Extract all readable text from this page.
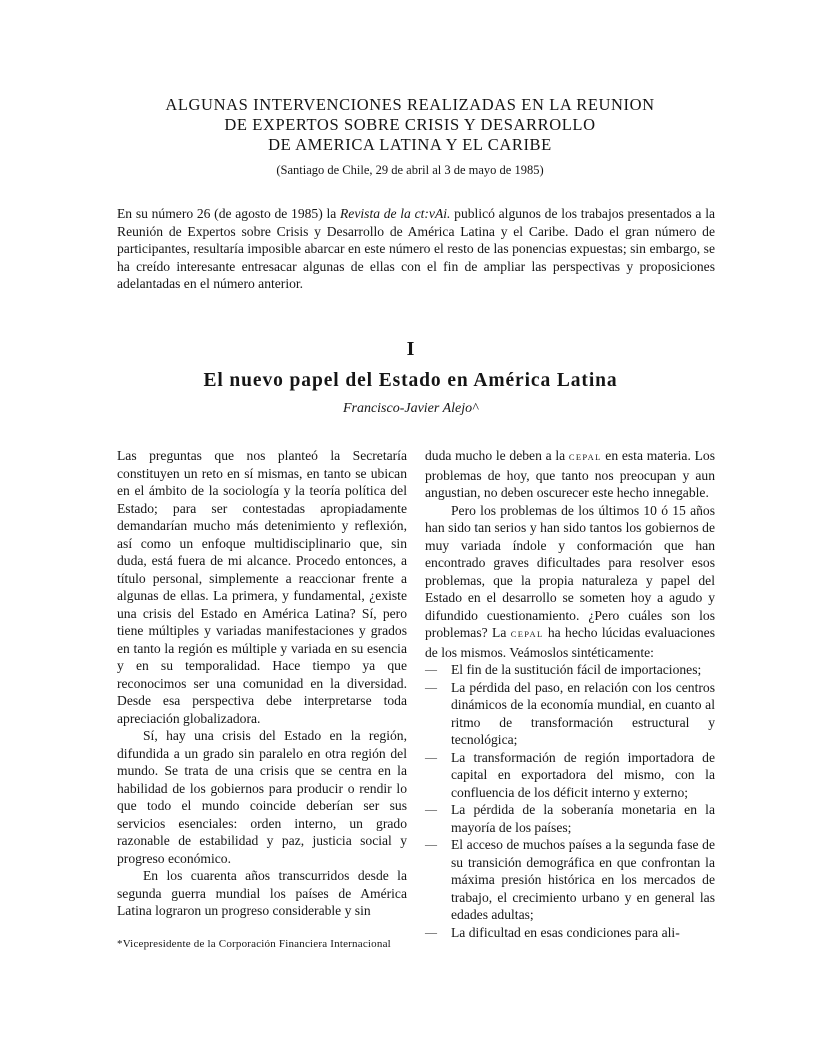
ALGUNAS INTERVENCIONES REALIZADAS EN LA REUNION
DE EXPERTOS SOBRE CRISIS Y DESARROLLO
DE AMERICA LATINA Y EL CARIBE
(Santiago de Chile, 29 de abril al 3 de mayo de 1985)

En su número 26 (de agosto de 1985) la Revista de la ct:vAi. publicó algunos de los trabajos presentados a la Reunión de Expertos sobre Crisis y Desarrollo de América Latina y el Caribe. Dado el gran número de participantes, resultaría imposible abarcar en este número el resto de las ponencias expuestas; sin embargo, se ha creído interesante entresacar algunas de ellas con el fin de ampliar las perspectivas y proposiciones adelantadas en el número anterior.

I
El nuevo papel del Estado en América Latina
Francisco-Javier Alejo^

Las preguntas que nos planteó la Secretaría constituyen un reto en sí mismas, en tanto se ubican en el ámbito de la sociología y la teoría política del Estado; para ser contestadas apropiadamente demandarían mucho más detenimiento y reflexión, así como un enfoque multidisciplinario que, sin duda, está fuera de mi alcance. Procedo entonces, a título personal, simplemente a reaccionar frente a algunas de ellas. La primera, y fundamental, ¿existe una crisis del Estado en América Latina? Sí, pero tiene múltiples y variadas manifestaciones y grados en tanto la región es múltiple y variada en su esencia y en su temporalidad. Hace tiempo ya que reconocimos ser una comunidad en la diversidad. Desde esa perspectiva debe interpretarse toda apreciación globalizadora.

Sí, hay una crisis del Estado en la región, difundida a un grado sin paralelo en otra región del mundo. Se trata de una crisis que se centra en la habilidad de los gobiernos para producir o rendir lo que todo el mundo coincide deberían ser sus servicios esenciales: orden interno, un grado razonable de estabilidad y paz, justicia social y progreso económico.

En los cuarenta años transcurridos desde la segunda guerra mundial los países de América Latina lograron un progreso considerable y sin

duda mucho le deben a la CEPAL en esta materia. Los problemas de hoy, que tanto nos preocupan y aun angustian, no deben oscurecer este hecho innegable.

Pero los problemas de los últimos 10 ó 15 años han sido tan serios y han sido tantos los gobiernos de muy variada índole y conformación que han encontrado graves dificultades para resolver esos problemas, que la propia naturaleza y papel del Estado en el desarrollo se someten hoy a agudo y difundido cuestionamiento. ¿Pero cuáles son los problemas? La CEPAL ha hecho lúcidas evaluaciones de los mismos. Veámoslos sintéticamente:

— El fin de la sustitución fácil de importaciones;
— La pérdida del paso, en relación con los centros dinámicos de la economía mundial, en cuanto al ritmo de transformación estructural y tecnológica;
— La transformación de región importadora de capital en exportadora del mismo, con la confluencia de los déficit interno y externo;
— La pérdida de la soberanía monetaria en la mayoría de los países;
— El acceso de muchos países a la segunda fase de su transición demográfica en que confrontan la máxima presión histórica en los mercados de trabajo, el crecimiento urbano y en general las edades adultas;
— La dificultad en esas condiciones para ali-
*Vicepresidente de la Corporación Financiera Internacional
